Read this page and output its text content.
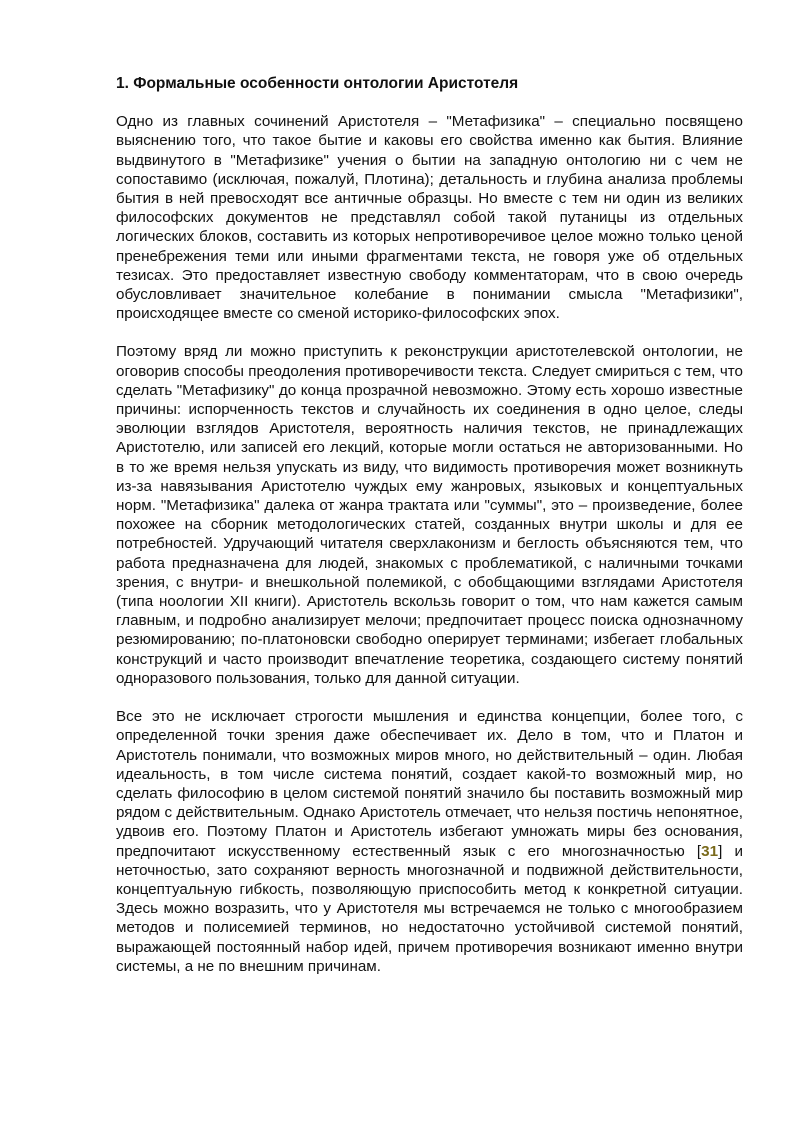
1. Формальные особенности онтологии Аристотеля

Одно из главных сочинений Аристотеля – "Метафизика" – специально посвящено выяснению того, что такое бытие и каковы его свойства именно как бытия. Влияние выдвинутого в "Метафизике" учения о бытии на западную онтологию ни с чем не сопоставимо (исключая, пожалуй, Плотина); детальность и глубина анализа проблемы бытия в ней превосходят все античные образцы. Но вместе с тем ни один из великих философских документов не представлял собой такой путаницы из отдельных логических блоков, составить из которых непротиворечивое целое можно только ценой пренебрежения теми или иными фрагментами текста, не говоря уже об отдельных тезисах. Это предоставляет известную свободу комментаторам, что в свою очередь обусловливает значительное колебание в понимании смысла "Метафизики", происходящее вместе со сменой историко-философских эпох.

Поэтому вряд ли можно приступить к реконструкции аристотелевской онтологии, не оговорив способы преодоления противоречивости текста. Следует смириться с тем, что сделать "Метафизику" до конца прозрачной невозможно. Этому есть хорошо известные причины: испорченность текстов и случайность их соединения в одно целое, следы эволюции взглядов Аристотеля, вероятность наличия текстов, не принадлежащих Аристотелю, или записей его лекций, которые могли остаться не авторизованными. Но в то же время нельзя упускать из виду, что видимость противоречия может возникнуть из-за навязывания Аристотелю чуждых ему жанровых, языковых и концептуальных норм. "Метафизика" далека от жанра трактата или "суммы", это – произведение, более похожее на сборник методологических статей, созданных внутри школы и для ее потребностей. Удручающий читателя сверхлаконизм и беглость объясняются тем, что работа предназначена для людей, знакомых с проблематикой, с наличными точками зрения, с внутри- и внешкольной полемикой, с обобщающими взглядами Аристотеля (типа ноологии XII книги). Аристотель вскользь говорит о том, что нам кажется самым главным, и подробно анализирует мелочи; предпочитает процесс поиска однозначному резюмированию; по-платоновски свободно оперирует терминами; избегает глобальных конструкций и часто производит впечатление теоретика, создающего систему понятий одноразового пользования, только для данной ситуации.

Все это не исключает строгости мышления и единства концепции, более того, с определенной точки зрения даже обеспечивает их. Дело в том, что и Платон и Аристотель понимали, что возможных миров много, но действительный – один. Любая идеальность, в том числе система понятий, создает какой-то возможный мир, но сделать философию в целом системой понятий значило бы поставить возможный мир рядом с действительным. Однако Аристотель отмечает, что нельзя постичь непонятное, удвоив его. Поэтому Платон и Аристотель избегают умножать миры без основания, предпочитают искусственному естественный язык с его многозначностью [31] и неточностью, зато сохраняют верность многозначной и подвижной действительности, концептуальную гибкость, позволяющую приспособить метод к конкретной ситуации. Здесь можно возразить, что у Аристотеля мы встречаемся не только с многообразием методов и полисемией терминов, но недостаточно устойчивой системой понятий, выражающей постоянный набор идей, причем противоречия возникают именно внутри системы, а не по внешним причинам.
